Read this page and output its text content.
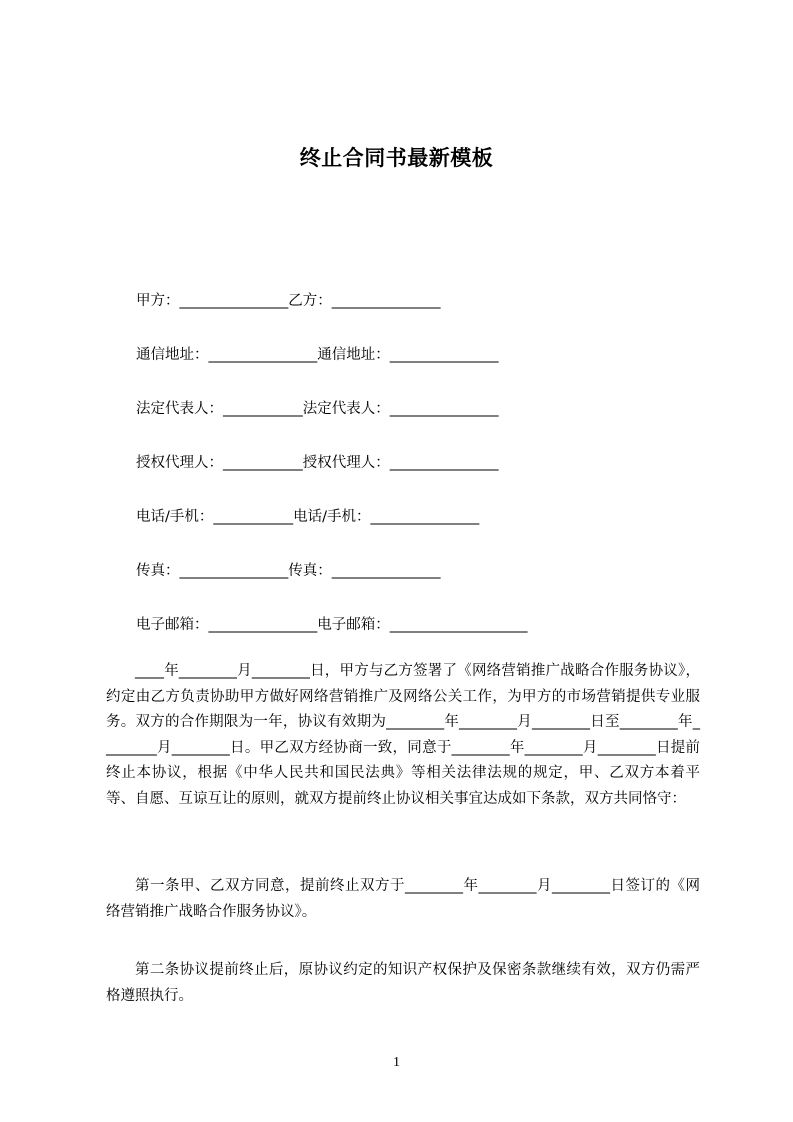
终止合同书最新模板
甲方：_______________乙方：_______________
通信地址：_______________通信地址：_______________
法定代表人：___________法定代表人：_______________
授权代理人：___________授权代理人：_______________
电话/手机：___________电话/手机：_______________
传真：_______________传真：_______________
电子邮箱：_______________电子邮箱：___________________

____年________月________日，甲方与乙方签署了《网络营销推广战略合作服务协议》，约定由乙方负责协助甲方做好网络营销推广及网络公关工作，为甲方的市场营销提供专业服务。双方的合作期限为一年，协议有效期为________年________月________日至________年________月________日。甲乙双方经协商一致，同意于________年________月________日提前终止本协议，根据《中华人民共和国民法典》等相关法律法规的规定，甲、乙双方本着平等、自愿、互谅互让的原则，就双方提前终止协议相关事宜达成如下条款，双方共同恪守：

第一条甲、乙双方同意，提前终止双方于________年________月________日签订的《网络营销推广战略合作服务协议》。

第二条协议提前终止后，原协议约定的知识产权保护及保密条款继续有效，双方仍需严格遵照执行。

1
